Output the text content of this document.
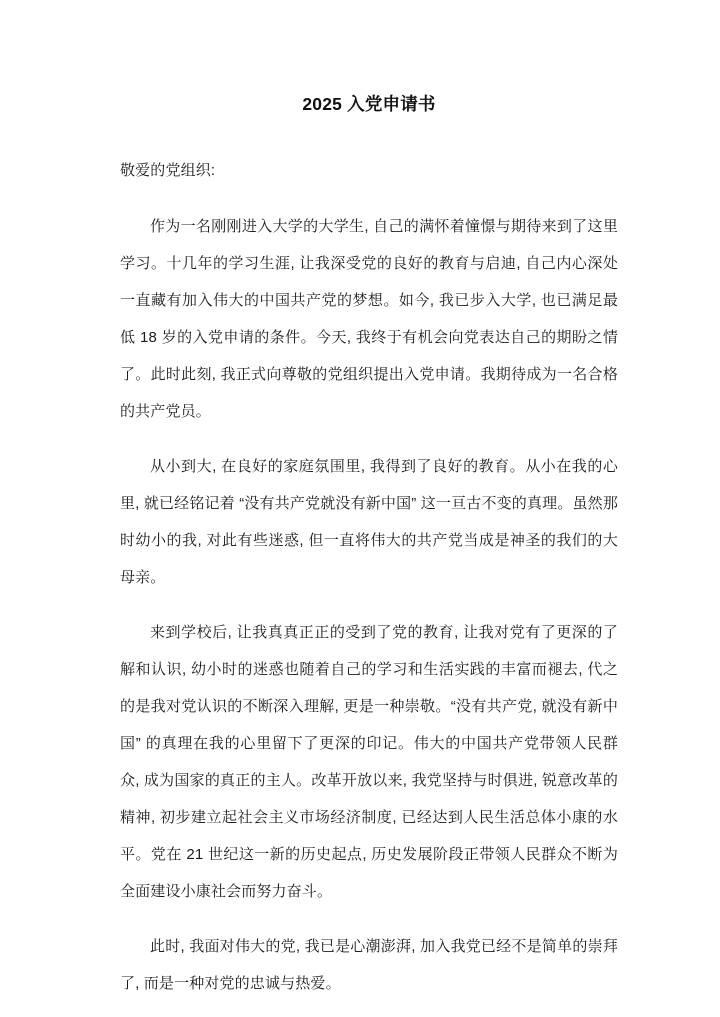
2025 入党申请书

敬爱的党组织:

作为一名刚刚进入大学的大学生, 自己的满怀着憧憬与期待来到了这里学习。十几年的学习生涯, 让我深受党的良好的教育与启迪, 自己内心深处一直藏有加入伟大的中国共产党的梦想。如今, 我已步入大学, 也已满足最低 18 岁的入党申请的条件。今天, 我终于有机会向党表达自己的期盼之情了。此时此刻, 我正式向尊敬的党组织提出入党申请。我期待成为一名合格的共产党员。

从小到大, 在良好的家庭氛围里, 我得到了良好的教育。从小在我的心里, 就已经铭记着 “没有共产党就没有新中国” 这一亘古不变的真理。虽然那时幼小的我, 对此有些迷惑, 但一直将伟大的共产党当成是神圣的我们的大母亲。

来到学校后, 让我真真正正的受到了党的教育, 让我对党有了更深的了解和认识, 幼小时的迷惑也随着自己的学习和生活实践的丰富而褪去, 代之的是我对党认识的不断深入理解, 更是一种崇敬。“没有共产党, 就没有新中国” 的真理在我的心里留下了更深的印记。伟大的中国共产党带领人民群众, 成为国家的真正的主人。改革开放以来, 我党坚持与时俱进, 锐意改革的精神, 初步建立起社会主义市场经济制度, 已经达到人民生活总体小康的水平。党在 21 世纪这一新的历史起点, 历史发展阶段正带领人民群众不断为全面建设小康社会而努力奋斗。

此时, 我面对伟大的党, 我已是心潮澎湃, 加入我党已经不是简单的崇拜了, 而是一种对党的忠诚与热爱。
